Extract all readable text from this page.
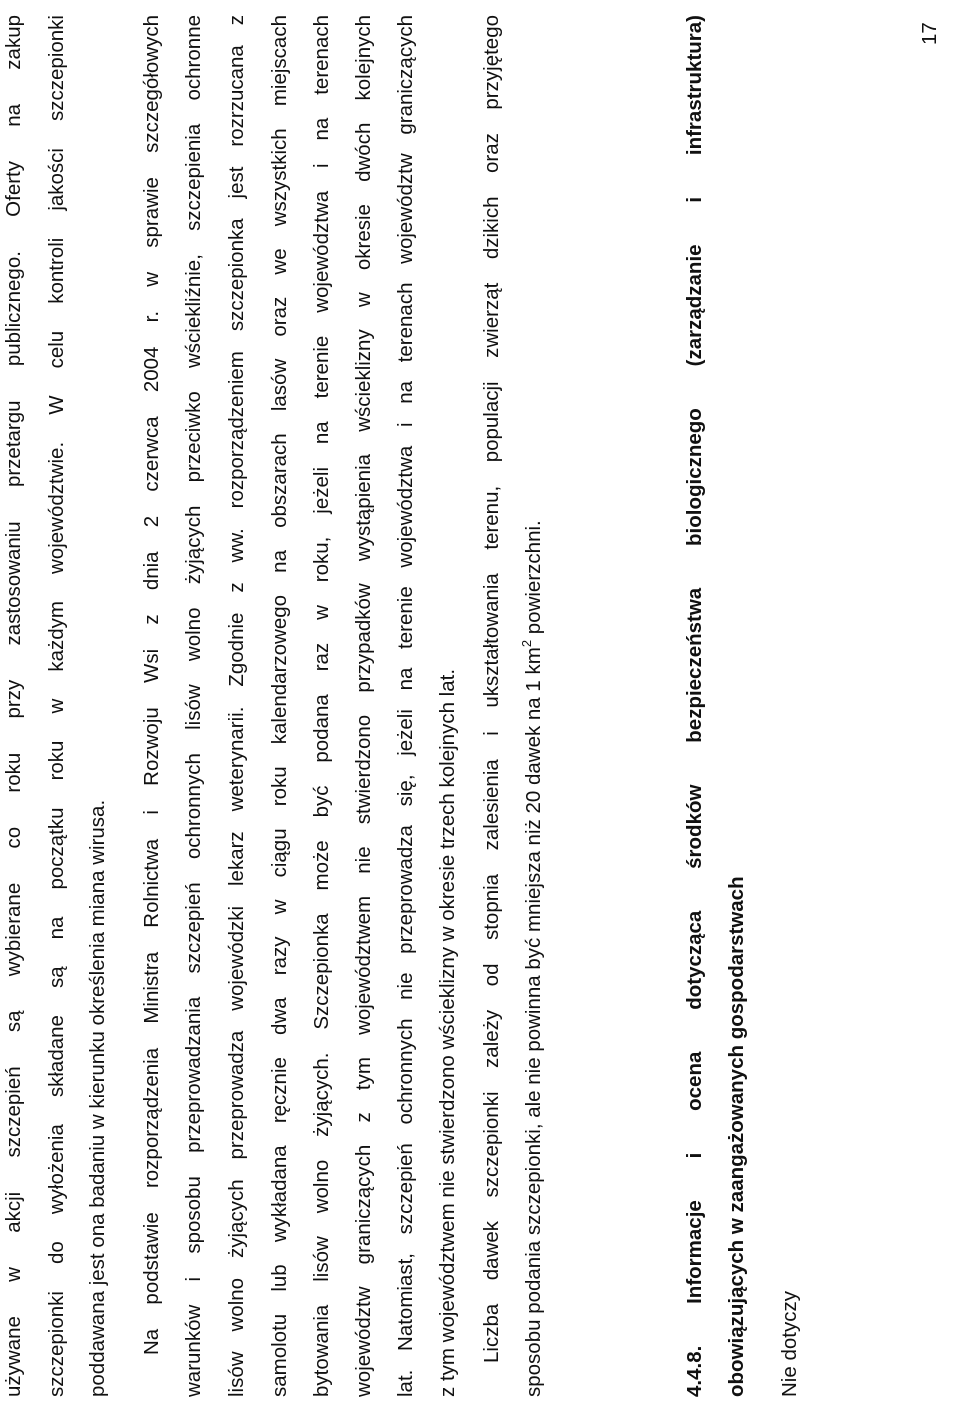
używane w akcji szczepień są wybierane co roku przy zastosowaniu przetargu publicznego. Oferty na zakup szczepionki do wyłożenia składane są na początku roku w każdym województwie. W celu kontroli jakości szczepionki poddawana jest ona badaniu w kierunku określenia miana wirusa. Na podstawie rozporządzenia Ministra Rolnictwa i Rozwoju Wsi z dnia 2 czerwca 2004 r. w sprawie szczegółowych warunków i sposobu przeprowadzania szczepień ochronnych lisów wolno żyjących przeciwko wściekliźnie, szczepienia ochronne lisów wolno żyjących przeprowadza wojewódzki lekarz weterynarii. Zgodnie z ww. rozporządzeniem szczepionka jest rozrzucana z samolotu lub wykładana ręcznie dwa razy w ciągu roku kalendarzowego na obszarach lasów oraz we wszystkich miejscach bytowania lisów wolno żyjących. Szczepionka może być podana raz w roku, jeżeli na terenie województwa i na terenach województw graniczących z tym województwem nie stwierdzono przypadków wystąpienia wścieklizny w okresie dwóch kolejnych lat. Natomiast, szczepień ochronnych nie przeprowadza się, jeżeli na terenie województwa i na terenach województw graniczących z tym województwem nie stwierdzono wścieklizny w okresie trzech kolejnych lat. Liczba dawek szczepionki zależy od stopnia zalesienia i ukształtowania terenu, populacji zwierząt dzikich oraz przyjętego sposobu podania szczepionki, ale nie powinna być mniejsza niż 20 dawek na 1 $km^2$ powierzchni.	4.4.8. Informacje i ocena dotycząca środków bezpieczeństwa biologicznego (zarządzanie i infrastruktura) obowiązujących w zaangażowanych gospodarstwach Nie dotyczy
17
